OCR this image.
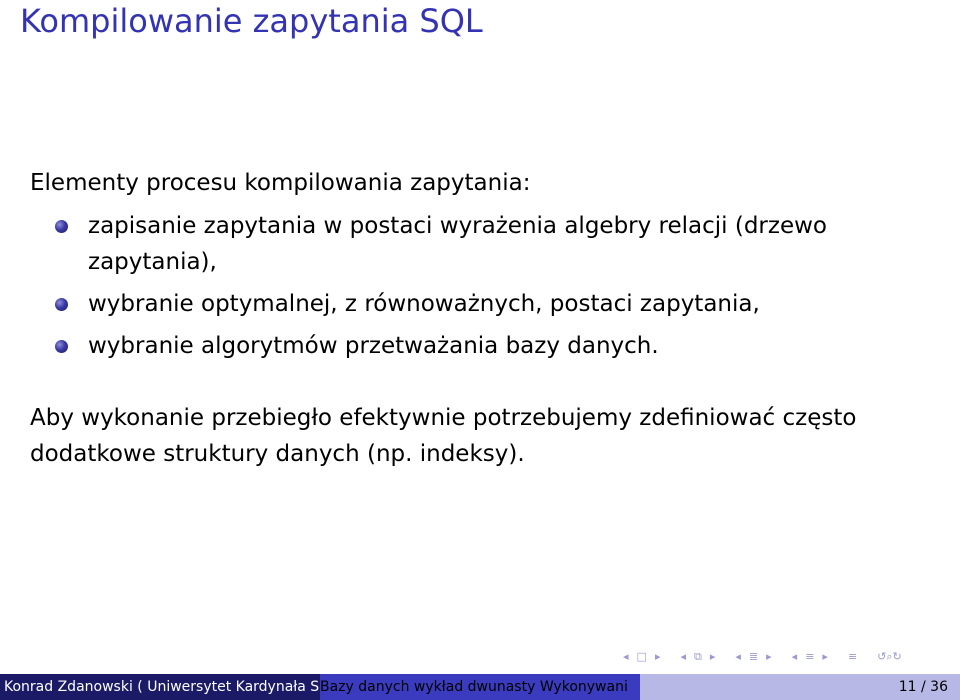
Kompilowanie zapytania SQL

Elementy procesu kompilowania zapytania:

zapisanie zapytania w postaci wyrażenia algebry relacji (drzewo zapytania),
wybranie optymalnej, z równoważnych, postaci zapytania,
wybranie algorytmów przetważania bazy danych.

Aby wykonanie przebiegło efektywnie potrzebujemy zdefiniować często dodatkowe struktury danych (np. indeksy).

◂ □ ▸ ◂ ⧉ ▸ ◂ ≣ ▸ ◂ ≡ ▸ ≡ ↺⌕↻
Konrad Zdanowski ( Uniwersytet Kardynała S Bazy danych wykład dwunasty Wykonywani	11 / 36
